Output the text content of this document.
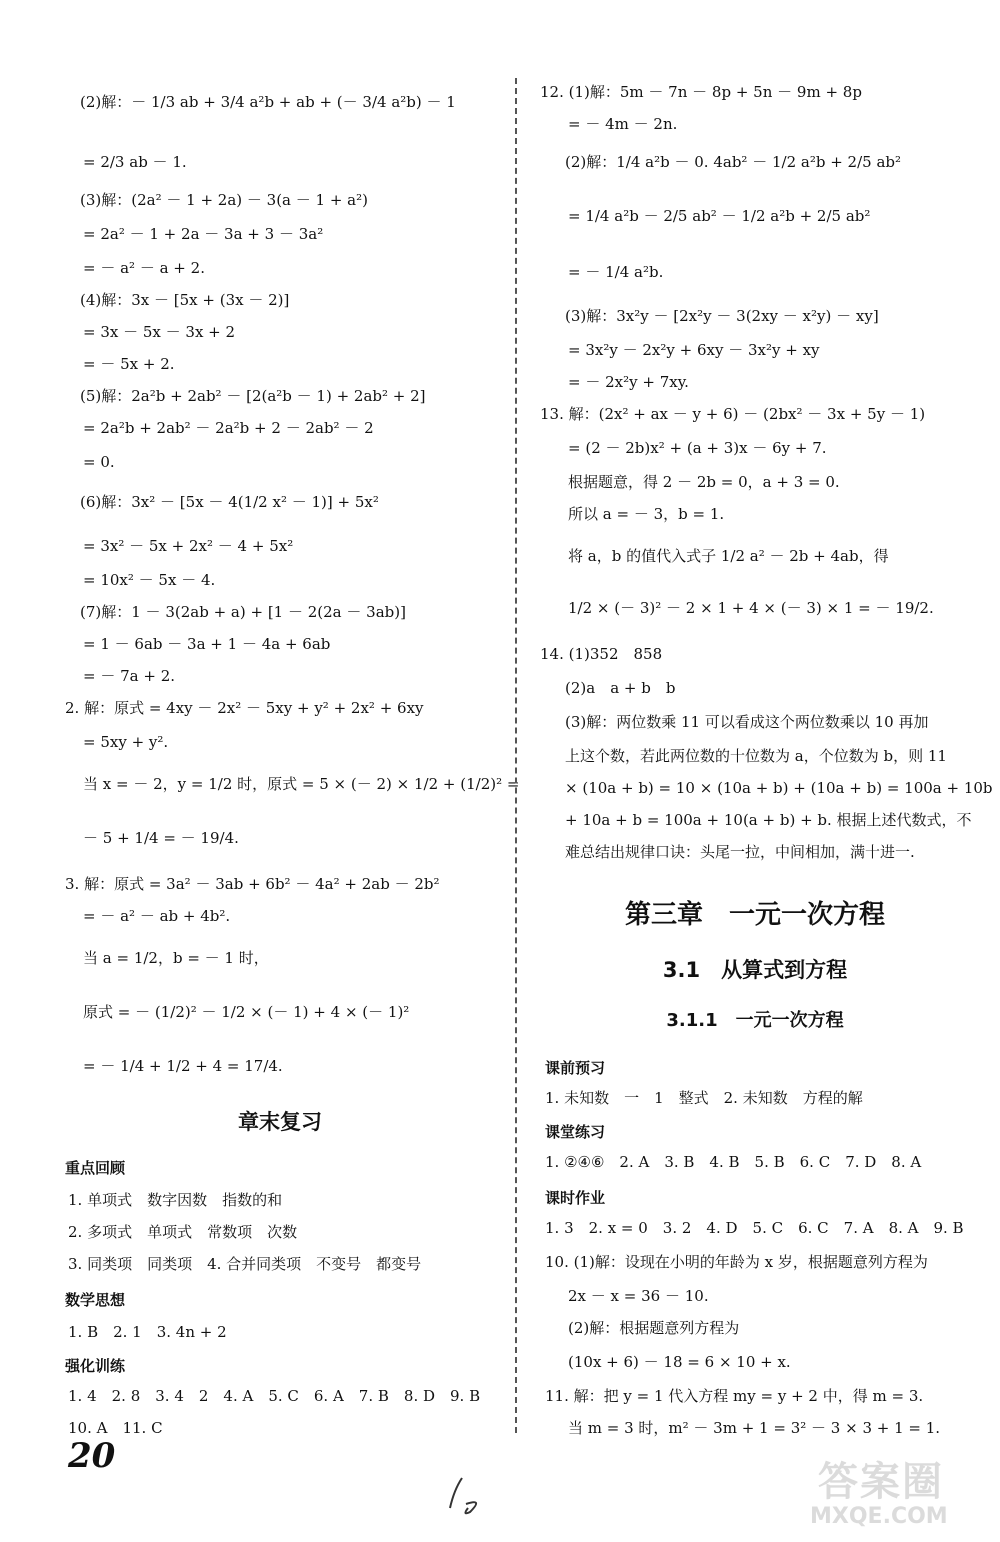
(2)解：－ 1/3 ab + 3/4 a²b + ab + (－ 3/4 a²b) － 1
= 2/3 ab － 1.
(3)解：(2a² － 1 + 2a) － 3(a － 1 + a²)
= 2a² － 1 + 2a － 3a + 3 － 3a²
= － a² － a + 2.
(4)解：3x － [5x + (3x － 2)]
= 3x － 5x － 3x + 2
= － 5x + 2.
(5)解：2a²b + 2ab² － [2(a²b － 1) + 2ab² + 2]
= 2a²b + 2ab² － 2a²b + 2 － 2ab² － 2
= 0.
(6)解：3x² － [5x － 4(1/2 x² － 1)] + 5x²
= 3x² － 5x + 2x² － 4 + 5x²
= 10x² － 5x － 4.
(7)解：1 － 3(2ab + a) + [1 － 2(2a － 3ab)]
= 1 － 6ab － 3a + 1 － 4a + 6ab
= － 7a + 2.
2. 解：原式 = 4xy － 2x² － 5xy + y² + 2x² + 6xy
= 5xy + y².
当 x = － 2，y = 1/2 时，原式 = 5 × (－ 2) × 1/2 + (1/2)² =
－ 5 + 1/4 = － 19/4.
3. 解：原式 = 3a² － 3ab + 6b² － 4a² + 2ab － 2b²
= － a² － ab + 4b².
当 a = 1/2，b = － 1 时，
原式 = － (1/2)² － 1/2 × (－ 1) + 4 × (－ 1)²
= － 1/4 + 1/2 + 4 = 17/4.
章末复习
重点回顾
1. 单项式　数字因数　指数的和
2. 多项式　单项式　常数项　次数
3. 同类项　同类项　4. 合并同类项　不变号　都变号
数学思想
1. B　2. 1　3. 4n + 2
强化训练
1. 4　2. 8　3. 4　2　4. A　5. C　6. A　7. B　8. D　9. B
10. A　11. C
12. (1)解：5m － 7n － 8p + 5n － 9m + 8p
= － 4m － 2n.
(2)解：1/4 a²b － 0. 4ab² － 1/2 a²b + 2/5 ab²
= 1/4 a²b － 2/5 ab² － 1/2 a²b + 2/5 ab²
= － 1/4 a²b.
(3)解：3x²y － [2x²y － 3(2xy － x²y) － xy]
= 3x²y － 2x²y + 6xy － 3x²y + xy
= － 2x²y + 7xy.
13. 解：(2x² + ax － y + 6) － (2bx² － 3x + 5y － 1)
= (2 － 2b)x² + (a + 3)x － 6y + 7.
根据题意，得 2 － 2b = 0，a + 3 = 0.
所以 a = － 3，b = 1.
将 a，b 的值代入式子 1/2 a² － 2b + 4ab，得
1/2 × (－ 3)² － 2 × 1 + 4 × (－ 3) × 1 = － 19/2.
14. (1)352　858
(2)a　a + b　b
(3)解：两位数乘 11 可以看成这个两位数乘以 10 再加
上这个数，若此两位数的十位数为 a，个位数为 b，则 11
× (10a + b) = 10 × (10a + b) + (10a + b) = 100a + 10b
+ 10a + b = 100a + 10(a + b) + b. 根据上述代数式，不
难总结出规律口诀：头尾一拉，中间相加，满十进一.
第三章　一元一次方程
3.1　从算式到方程
3.1.1　一元一次方程
课前预习
1. 未知数　一　1　整式　2. 未知数　方程的解
课堂练习
1. ②④⑥　2. A　3. B　4. B　5. B　6. C　7. D　8. A
课时作业
1. 3　2. x = 0　3. 2　4. D　5. C　6. C　7. A　8. A　9. B
10. (1)解：设现在小明的年龄为 x 岁，根据题意列方程为
2x － x = 36 － 10.
(2)解：根据题意列方程为
(10x + 6) － 18 = 6 × 10 + x.
11. 解：把 y = 1 代入方程 my = y + 2 中，得 m = 3.
当 m = 3 时，m² － 3m + 1 = 3² － 3 × 3 + 1 = 1.
20
答案圈
MXQE.COM
